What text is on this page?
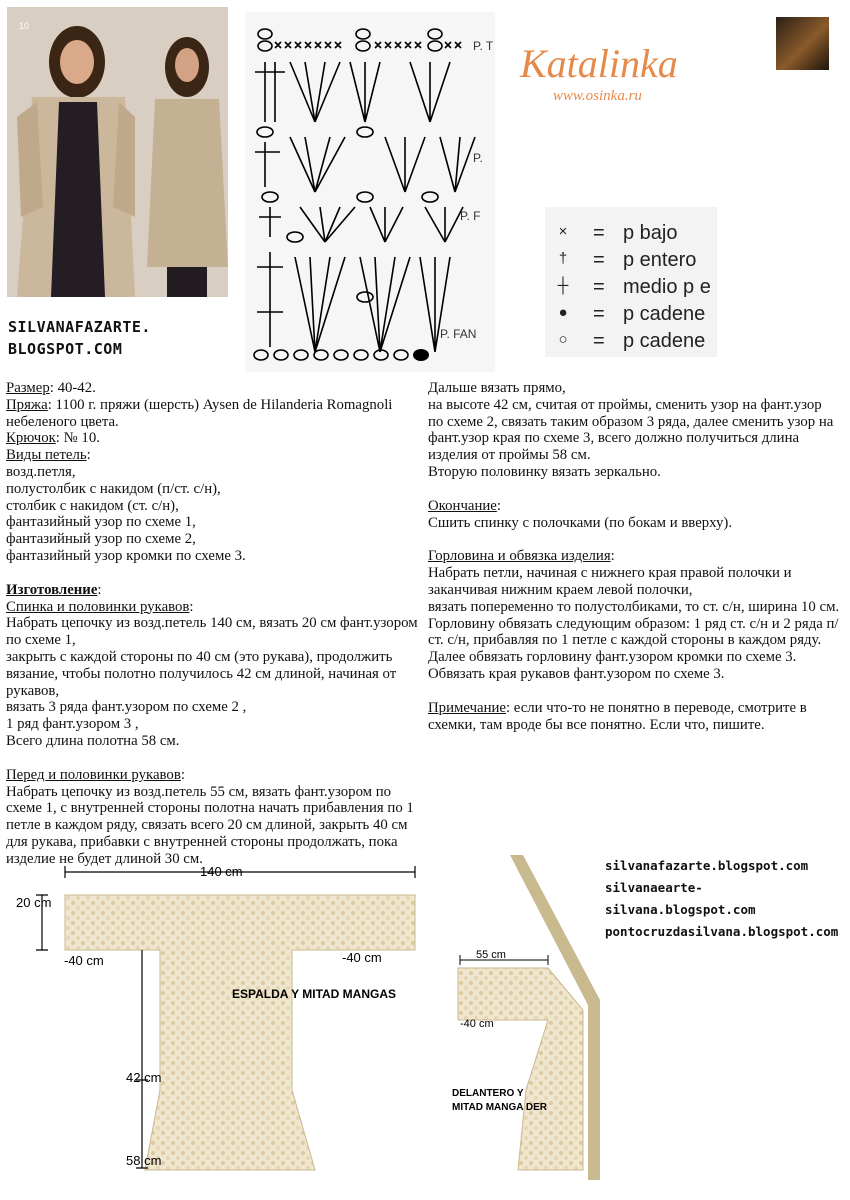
10
SILVANAFAZARTE.
BLOGSPOT.COM
P. T
P.
P. F
P. FAN
Katalinka
www.osinka.ru
× = p bajo
† = p entero
┼ = medio p e
● = p cadene
○ = p cadene

Размер: 40-42.

Пряжа: 1100 г. пряжи (шерсть) Aysen de Hilanderia Romagnoli небеленого цвета.

Крючок: № 10.

Виды петель:

возд.петля,

полустолбик с накидом (п/ст. с/н),

столбик с накидом (ст. с/н),

фантазийный узор по схеме 1,

фантазийный узор по схеме 2,

фантазийный узор кромки по схеме 3.

Изготовление:

Спинка и половинки рукавов:

Набрать цепочку из возд.петель 140 см, вязать 20 см фант.узором по схеме 1,

закрыть с каждой стороны по 40 см (это рукава), продолжить вязание, чтобы полотно получилось 42 см длиной, начиная от рукавов,

вязать 3 ряда фант.узором по схеме 2 ,

1 ряд фант.узором 3 ,

Всего длина полотна 58 см.

Перед и половинки рукавов:

Набрать цепочку из возд.петель 55 см, вязать фант.узором по схеме 1, с внутренней стороны полотна начать прибавления по 1 петле в каждом ряду, связать всего 20 см длиной, закрыть 40 см для рукава, прибавки с внутренней стороны продолжать, пока изделие не будет длиной 30 см.

Дальше вязать прямо,

на высоте 42 см, считая от проймы, сменить узор на фант.узор по схеме 2, связать таким образом 3 ряда, далее сменить узор на фант.узор края по схеме 3, всего должно получиться длина изделия от проймы 58 см.

Вторую половинку вязать зеркально.

Окончание:

Сшить спинку с полочками (по бокам и вверху).

Горловина и обвязка изделия:

Набрать петли, начиная с нижнего края правой полочки и заканчивая нижним краем левой полочки,

вязать попеременно то полустолбиками, то ст. с/н, ширина 10 см.

Горловину обвязать следующим образом: 1 ряд ст. с/н и 2 ряда п/ст. с/н, прибавляя по 1 петле с каждой стороны в каждом ряду. Далее обвязать горловину фант.узором кромки по схеме 3.

Обвязать края рукавов фант.узором по схеме 3.

Примечание: если что-то не понятно в переводе, смотрите в схемки, там вроде бы все понятно. Если что, пишите.

silvanafazarte.blogspot.com
silvanaearte-silvana.blogspot.com
pontocruzdasilvana.blogspot.com
140 cm
20 cm
-40 cm	-40 cm
ESPALDA Y MITAD MANGAS
42 cm
58 cm
55 cm
-40 cm
DELANTERO Y
MITAD MANGA DER
